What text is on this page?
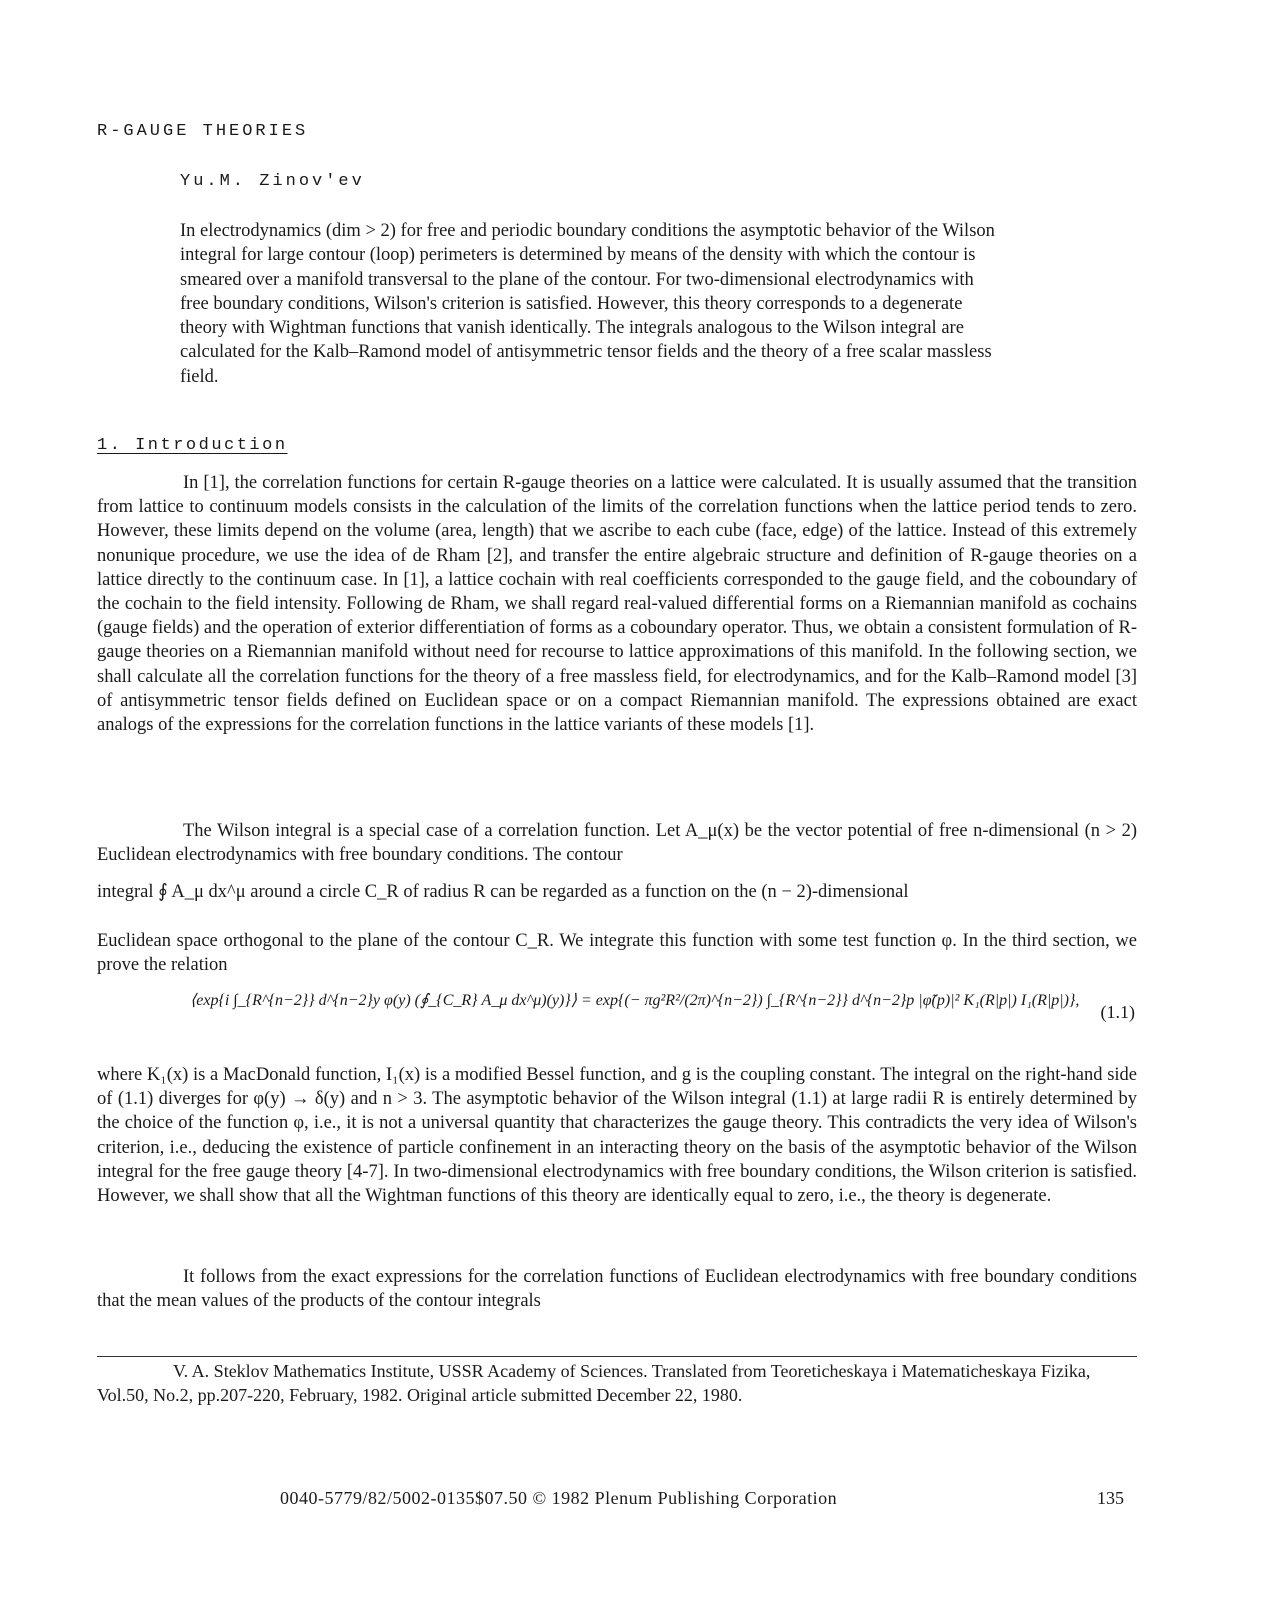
R-GAUGE THEORIES
Yu.M. Zinov'ev

In electrodynamics (dim > 2) for free and periodic boundary conditions the asymptotic behavior of the Wilson integral for large contour (loop) perimeters is determined by means of the density with which the contour is smeared over a manifold transversal to the plane of the contour. For two-dimensional electrodynamics with free boundary conditions, Wilson's criterion is satisfied. However, this theory corresponds to a degenerate theory with Wightman functions that vanish identically. The integrals analogous to the Wilson integral are calculated for the Kalb–Ramond model of antisymmetric tensor fields and the theory of a free scalar massless field.

1. Introduction

In [1], the correlation functions for certain R-gauge theories on a lattice were calculated. It is usually assumed that the transition from lattice to continuum models consists in the calculation of the limits of the correlation functions when the lattice period tends to zero. However, these limits depend on the volume (area, length) that we ascribe to each cube (face, edge) of the lattice. Instead of this extremely nonunique procedure, we use the idea of de Rham [2], and transfer the entire algebraic structure and definition of R-gauge theories on a lattice directly to the continuum case. In [1], a lattice cochain with real coefficients corresponded to the gauge field, and the coboundary of the cochain to the field intensity. Following de Rham, we shall regard real-valued differential forms on a Riemannian manifold as cochains (gauge fields) and the operation of exterior differentiation of forms as a coboundary operator. Thus, we obtain a consistent formulation of R-gauge theories on a Riemannian manifold without need for recourse to lattice approximations of this manifold. In the following section, we shall calculate all the correlation functions for the theory of a free massless field, for electrodynamics, and for the Kalb–Ramond model [3] of antisymmetric tensor fields defined on Euclidean space or on a compact Riemannian manifold. The expressions obtained are exact analogs of the expressions for the correlation functions in the lattice variants of these models [1].

The Wilson integral is a special case of a correlation function. Let A_μ(x) be the vector potential of free n-dimensional (n > 2) Euclidean electrodynamics with free boundary conditions. The contour

integral ∮ A_μ dx^μ around a circle C_R of radius R can be regarded as a function on the (n − 2)-dimensional

Euclidean space orthogonal to the plane of the contour C_R. We integrate this function with some test function φ. In the third section, we prove the relation

⟨exp{i ∫_{R^{n−2}} d^{n−2}y φ(y) (∮_{C_R} A_μ dx^μ)(y)}⟩ = exp{(− πg²R²/(2π)^{n−2}) ∫_{R^{n−2}} d^{n−2}p |φ̃(p)|² K₁(R|p|) I₁(R|p|)},
(1.1)

where K₁(x) is a MacDonald function, I₁(x) is a modified Bessel function, and g is the coupling constant. The integral on the right-hand side of (1.1) diverges for φ(y) → δ(y) and n > 3. The asymptotic behavior of the Wilson integral (1.1) at large radii R is entirely determined by the choice of the function φ, i.e., it is not a universal quantity that characterizes the gauge theory. This contradicts the very idea of Wilson's criterion, i.e., deducing the existence of particle confinement in an interacting theory on the basis of the asymptotic behavior of the Wilson integral for the free gauge theory [4-7]. In two-dimensional electrodynamics with free boundary conditions, the Wilson criterion is satisfied. However, we shall show that all the Wightman functions of this theory are identically equal to zero, i.e., the theory is degenerate.

It follows from the exact expressions for the correlation functions of Euclidean electrodynamics with free boundary conditions that the mean values of the products of the contour integrals

V. A. Steklov Mathematics Institute, USSR Academy of Sciences. Translated from Teoreticheskaya i Matematicheskaya Fizika, Vol.50, No.2, pp.207-220, February, 1982. Original article submitted December 22, 1980.

0040-5779/82/5002-0135$07.50 © 1982 Plenum Publishing Corporation	135
